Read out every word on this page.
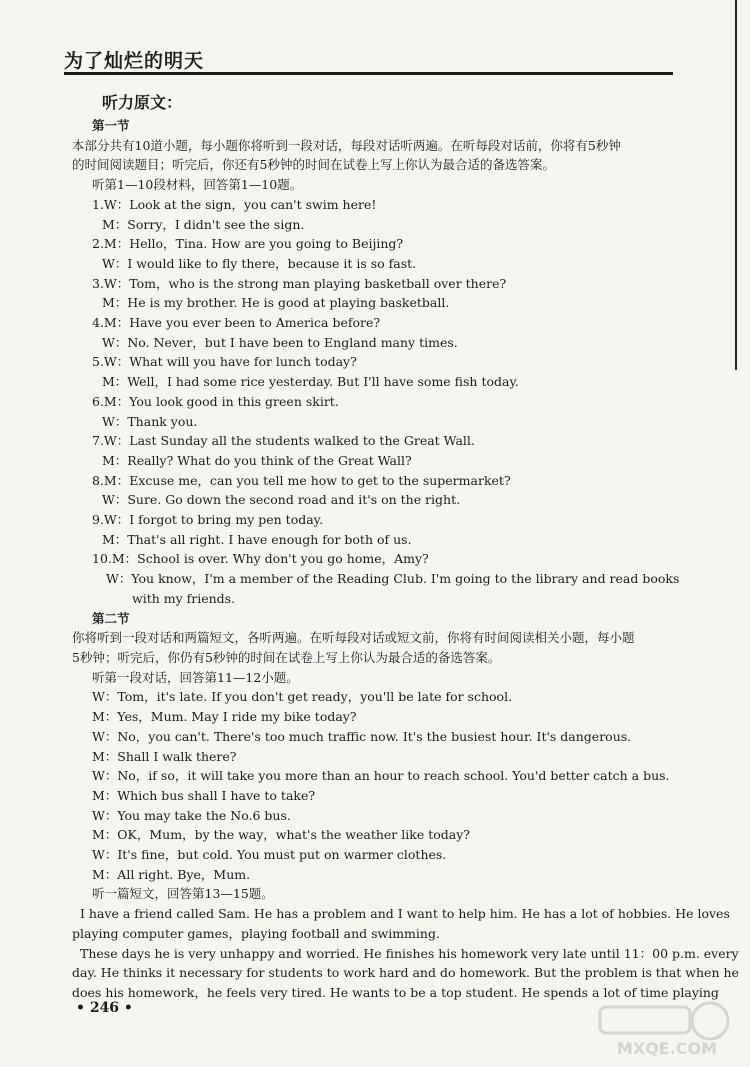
为了灿烂的明天
听力原文：
第一节
本部分共有10道小题，每小题你将听到一段对话，每段对话听两遍。在听每段对话前，你将有5秒钟
的时间阅读题目；听完后，你还有5秒钟的时间在试卷上写上你认为最合适的备选答案。
听第1—10段材料，回答第1—10题。
1.W：Look at the sign，you can't swim here!
M：Sorry，I didn't see the sign.
2.M：Hello，Tina. How are you going to Beijing?
W：I would like to fly there，because it is so fast.
3.W：Tom，who is the strong man playing basketball over there?
M：He is my brother. He is good at playing basketball.
4.M：Have you ever been to America before?
W：No. Never，but I have been to England many times.
5.W：What will you have for lunch today?
M：Well，I had some rice yesterday. But I'll have some fish today.
6.M：You look good in this green skirt.
W：Thank you.
7.W：Last Sunday all the students walked to the Great Wall.
M：Really? What do you think of the Great Wall?
8.M：Excuse me，can you tell me how to get to the supermarket?
W：Sure. Go down the second road and it's on the right.
9.W：I forgot to bring my pen today.
M：That's all right. I have enough for both of us.
10.M：School is over. Why don't you go home，Amy?
W：You know，I'm a member of the Reading Club. I'm going to the library and read books
with my friends.
第二节
你将听到一段对话和两篇短文，各听两遍。在听每段对话或短文前，你将有时间阅读相关小题，每小题
5秒钟；听完后，你仍有5秒钟的时间在试卷上写上你认为最合适的备选答案。
听第一段对话，回答第11—12小题。
W：Tom，it's late. If you don't get ready，you'll be late for school.
M：Yes，Mum. May I ride my bike today?
W：No，you can't. There's too much traffic now. It's the busiest hour. It's dangerous.
M：Shall I walk there?
W：No，if so，it will take you more than an hour to reach school. You'd better catch a bus.
M：Which bus shall I have to take?
W：You may take the No.6 bus.
M：OK，Mum，by the way，what's the weather like today?
W：It's fine，but cold. You must put on warmer clothes.
M：All right. Bye，Mum.
听一篇短文，回答第13—15题。
I have a friend called Sam. He has a problem and I want to help him. He has a lot of hobbies. He loves
playing computer games，playing football and swimming.
These days he is very unhappy and worried. He finishes his homework very late until 11：00 p.m. every
day. He thinks it necessary for students to work hard and do homework. But the problem is that when he
does his homework，he feels very tired. He wants to be a top student. He spends a lot of time playing
• 246 •
MXQE.COM
